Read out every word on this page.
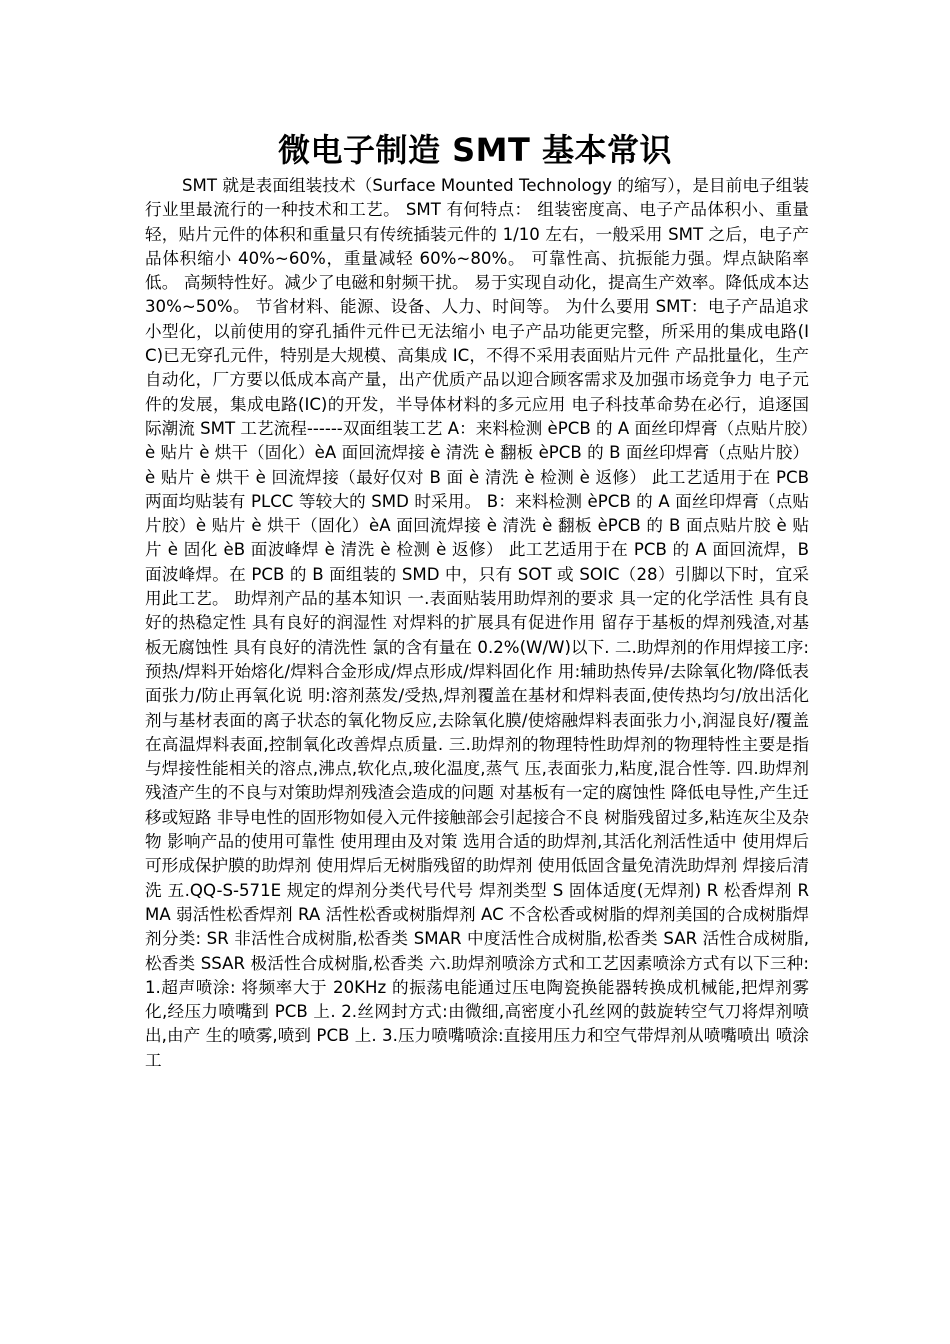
微电子制造 SMT 基本常识

SMT 就是表面组装技术（Surface Mounted Technology 的缩写），是目前电子组装行业里最流行的一种技术和工艺。 SMT 有何特点： 组装密度高、电子产品体积小、重量轻，贴片元件的体积和重量只有传统插装元件的 1/10 左右，一般采用 SMT 之后，电子产品体积缩小 40%~60%，重量减轻 60%~80%。 可靠性高、抗振能力强。焊点缺陷率低。 高频特性好。减少了电磁和射频干扰。 易于实现自动化，提高生产效率。降低成本达 30%~50%。 节省材料、能源、设备、人力、时间等。 为什么要用 SMT：电子产品追求小型化，以前使用的穿孔插件元件已无法缩小 电子产品功能更完整，所采用的集成电路(IC)已无穿孔元件，特别是大规模、高集成 IC，不得不采用表面贴片元件 产品批量化，生产自动化，厂方要以低成本高产量，出产优质产品以迎合顾客需求及加强市场竞争力 电子元件的发展，集成电路(IC)的开发，半导体材料的多元应用 电子科技革命势在必行，追逐国际潮流 SMT 工艺流程------双面组装工艺 A：来料检测 èPCB 的 A 面丝印焊膏（点贴片胶）è 贴片 è 烘干（固化）èA 面回流焊接 è 清洗 è 翻板 èPCB 的 B 面丝印焊膏（点贴片胶）è 贴片 è 烘干 è 回流焊接（最好仅对 B 面 è 清洗 è 检测 è 返修） 此工艺适用于在 PCB 两面均贴装有 PLCC 等较大的 SMD 时采用。 B：来料检测 èPCB 的 A 面丝印焊膏（点贴片胶）è 贴片 è 烘干（固化）èA 面回流焊接 è 清洗 è 翻板 èPCB 的 B 面点贴片胶 è 贴片 è 固化 èB 面波峰焊 è 清洗 è 检测 è 返修） 此工艺适用于在 PCB 的 A 面回流焊，B 面波峰焊。在 PCB 的 B 面组装的 SMD 中，只有 SOT 或 SOIC（28）引脚以下时，宜采用此工艺。 助焊剂产品的基本知识 一.表面贴装用助焊剂的要求 具一定的化学活性 具有良好的热稳定性 具有良好的润湿性 对焊料的扩展具有促进作用 留存于基板的焊剂残渣,对基板无腐蚀性 具有良好的清洗性 氯的含有量在 0.2%(W/W)以下. 二.助焊剂的作用焊接工序:预热/焊料开始熔化/焊料合金形成/焊点形成/焊料固化作 用:辅助热传异/去除氧化物/降低表面张力/防止再氧化说 明:溶剂蒸发/受热,焊剂覆盖在基材和焊料表面,使传热均匀/放出活化剂与基材表面的离子状态的氧化物反应,去除氧化膜/使熔融焊料表面张力小,润湿良好/覆盖在高温焊料表面,控制氧化改善焊点质量. 三.助焊剂的物理特性助焊剂的物理特性主要是指与焊接性能相关的溶点,沸点,软化点,玻化温度,蒸气 压,表面张力,粘度,混合性等. 四.助焊剂残渣产生的不良与对策助焊剂残渣会造成的问题 对基板有一定的腐蚀性 降低电导性,产生迁移或短路 非导电性的固形物如侵入元件接触部会引起接合不良 树脂残留过多,粘连灰尘及杂物 影响产品的使用可靠性 使用理由及对策 选用合适的助焊剂,其活化剂活性适中 使用焊后可形成保护膜的助焊剂 使用焊后无树脂残留的助焊剂 使用低固含量免清洗助焊剂 焊接后清洗 五.QQ-S-571E 规定的焊剂分类代号代号 焊剂类型 S 固体适度(无焊剂) R 松香焊剂 RMA 弱活性松香焊剂 RA 活性松香或树脂焊剂 AC 不含松香或树脂的焊剂美国的合成树脂焊剂分类: SR 非活性合成树脂,松香类 SMAR 中度活性合成树脂,松香类 SAR 活性合成树脂,松香类 SSAR 极活性合成树脂,松香类 六.助焊剂喷涂方式和工艺因素喷涂方式有以下三种: 1.超声喷涂: 将频率大于 20KHz 的振荡电能通过压电陶瓷换能器转换成机械能,把焊剂雾化,经压力喷嘴到 PCB 上. 2.丝网封方式:由微细,高密度小孔丝网的鼓旋转空气刀将焊剂喷出,由产 生的喷雾,喷到 PCB 上. 3.压力喷嘴喷涂:直接用压力和空气带焊剂从喷嘴喷出 喷涂工
